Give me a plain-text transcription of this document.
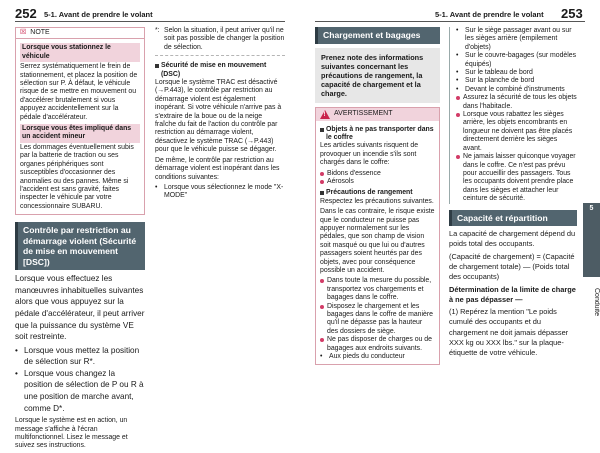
252 5-1. Avant de prendre le volant	5-1. Avant de prendre le volant 253
☒ NOTE
Lorsque vous stationnez le véhicule

Serrez systématiquement le frein de stationnement, et placez la position de sélection sur P. À défaut, le véhicule risque de se mettre en mouvement ou d'accélérer brutalement si vous appuyez accidentellement sur la pédale d'accélérateur.

Lorsque vous êtes impliqué dans un accident mineur

Les dommages éventuellement subis par la batterie de traction ou ses organes périphériques sont susceptibles d'occasionner des anomalies ou des pannes. Même si l'accident est sans gravité, faites inspecter le véhicule par votre concessionnaire SUBARU.

Contrôle par restriction au démarrage violent (Sécurité de mise en mouvement [DSC])

Lorsque vous effectuez les manœuvres inhabituelles suivantes alors que vous appuyez sur la pédale d'accélérateur, il peut arriver que la puissance du système VE soit restreinte.

• Lorsque vous mettez la position de sélection sur R*.
• Lorsque vous changez la position de sélection de P ou R à une position de marche avant, comme D*.

Lorsque le système est en action, un message s'affiche à l'écran multifonctionnel. Lisez le message et suivez ses instructions.

*: Selon la situation, il peut arriver qu'il ne soit pas possible de changer la position de sélection.
Sécurité de mise en mouvement (DSC)

Lorsque le système TRAC est désactivé (→P.443), le contrôle par restriction au démarrage violent est également inopérant. Si votre véhicule n'arrive pas à s'extraire de la boue ou de la neige fraîche du fait de l'action du contrôle par restriction au démarrage violent, désactivez le système TRAC (→P.443) pour que le véhicule puisse se dégager.

De même, le contrôle par restriction au démarrage violent est inopérant dans les conditions suivantes:

• Lorsque vous sélectionnez le mode "X-MODE"
Chargement et bagages
Prenez note des informations suivantes concernant les précautions de rangement, la capacité de chargement et la charge.
!
AVERTISSEMENT
Objets à ne pas transporter dans le coffre

Les articles suivants risquent de provoquer un incendie s'ils sont chargés dans le coffre:

Bidons d'essence
Aérosols
Précautions de rangement

Respectez les précautions suivantes.

Dans le cas contraire, le risque existe que le conducteur ne puisse pas appuyer normalement sur les pédales, que son champ de vision soit masqué ou que lui ou d'autres passagers soient heurtés par des objets, avec pour conséquence possible un accident.

Dans toute la mesure du possible, transportez vos chargements et bagages dans le coffre.
Disposez le chargement et les bagages dans le coffre de manière qu'il ne dépasse pas la hauteur des dossiers de siège.
Ne pas disposer de charges ou de bagages aux endroits suivants.
• Aux pieds du conducteur
• Sur le siège passager avant ou sur les sièges arrière (empilement d'objets)
• Sur le couvre-bagages (sur modèles équipés)
• Sur le tableau de bord
• Sur la planche de bord
• Devant le combiné d'instruments
Assurez la sécurité de tous les objets dans l'habitacle.
Lorsque vous rabattez les sièges arrière, les objets encombrants en longueur ne doivent pas être placés directement derrière les sièges avant.
Ne jamais laisser quiconque voyager dans le coffre. Ce n'est pas prévu pour accueillir des passagers. Tous les occupants doivent prendre place dans les sièges et attacher leur ceinture de sécurité.
Capacité et répartition

La capacité de chargement dépend du poids total des occupants.

(Capacité de chargement) = (Capacité de chargement totale) — (Poids total des occupants)

Détermination de la limite de charge à ne pas dépasser —

(1) Repérez la mention "Le poids cumulé des occupants et du chargement ne doit jamais dépasser XXX kg ou XXX lbs." sur la plaque-étiquette de votre véhicule.

5
Conduite
